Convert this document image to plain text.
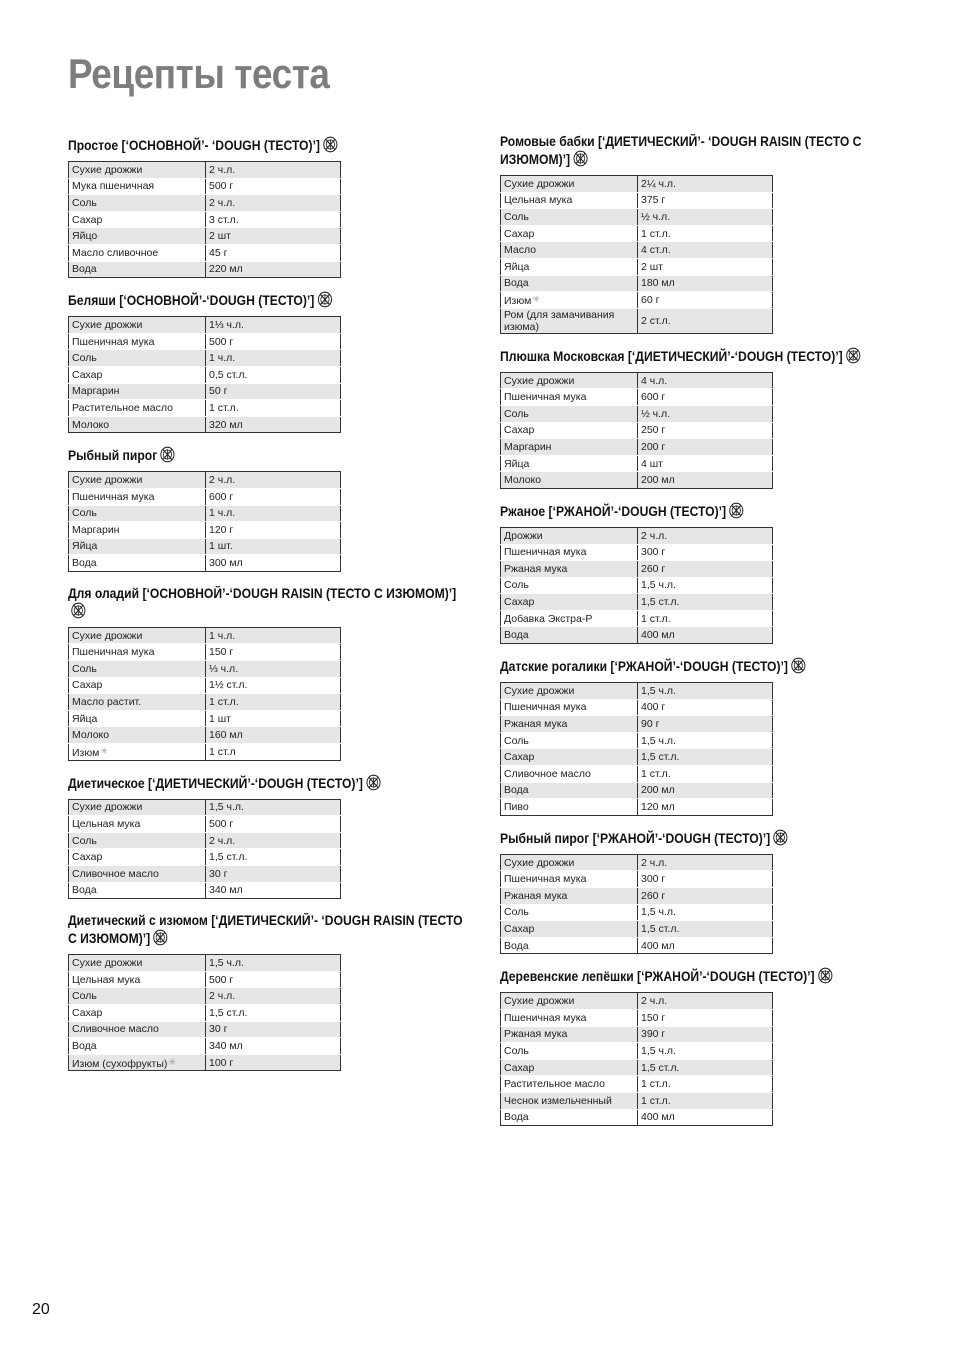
Рецепты теста
Простое [‘ОСНОВНОЙ’- ‘DOUGH (ТЕСТО)’]
Сухие дрожжи	2 ч.л.
Мука пшеничная	500 г
Соль	2 ч.л.
Сахар	3 ст.л.
Яйцо	2 шт
Масло сливочное	45 г
Вода	220 мл
Беляши [‘ОСНОВНОЙ’-‘DOUGH (ТЕСТО)’]
Сухие дрожжи	1⅓ ч.л.
Пшеничная мука	500 г
Соль	1 ч.л.
Сахар	0,5 ст.л.
Маргарин	50 г
Растительное масло	1 ст.л.
Молоко	320 мл
Рыбный пирог
Сухие дрожжи	2 ч.л.
Пшеничная мука	600 г
Соль	1 ч.л.
Маргарин	120 г
Яйца	1 шт.
Вода	300 мл
Для оладий [‘ОСНОВНОЙ’-‘DOUGH RAISIN (ТЕСТО С ИЗЮМОМ)’]
Сухие дрожжи	1 ч.л.
Пшеничная мука	150 г
Соль	⅓ ч.л.
Сахар	1½ ст.л.
Масло растит.	1 ст.л.
Яйца	1 шт
Молоко	160 мл
Изюм✳	1 ст.л
Диетическое [‘ДИЕТИЧЕСКИЙ’-‘DOUGH (ТЕСТО)’]
Сухие дрожжи	1,5 ч.л.
Цельная мука	500 г
Соль	2 ч.л.
Сахар	1,5 ст.л.
Сливочное масло	30 г
Вода	340 мл
Диетический с изюмом [‘ДИЕТИЧЕСКИЙ’- ‘DOUGH RAISIN (ТЕСТО С ИЗЮМОМ)’]
Сухие дрожжи	1,5 ч.л.
Цельная мука	500 г
Соль	2 ч.л.
Сахар	1,5 ст.л.
Сливочное масло	30 г
Вода	340 мл
Изюм (сухофрукты)✳	100 г
Ромовые бабки [‘ДИЕТИЧЕСКИЙ’- ‘DOUGH RAISIN (ТЕСТО С ИЗЮМОМ)’]
Сухие дрожжи	2¼ ч.л.
Цельная мука	375 г
Соль	½ ч.л.
Сахар	1 ст.л.
Масло	4 ст.л.
Яйца	2 шт
Вода	180 мл
Изюм✳	60 г
Ром (для замачивания изюма)	2 ст.л.
Плюшка Московская [‘ДИЕТИЧЕСКИЙ’-‘DOUGH (ТЕСТО)’]
Сухие дрожжи	4 ч.л.
Пшеничная мука	600 г
Соль	½ ч.л.
Сахар	250 г
Маргарин	200 г
Яйца	4 шт
Молоко	200 мл
Ржаное [‘РЖАНОЙ’-‘DOUGH (ТЕСТО)’]
Дрожжи	2 ч.л.
Пшеничная мука	300 г
Ржаная мука	260 г
Соль	1,5 ч.л.
Сахар	1,5 ст.л.
Добавка Экстра-Р	1 ст.л.
Вода	400 мл
Датские рогалики [‘РЖАНОЙ’-‘DOUGH (ТЕСТО)’]
Сухие дрожжи	1,5 ч.л.
Пшеничная мука	400 г
Ржаная мука	90 г
Соль	1,5 ч.л.
Сахар	1,5 ст.л.
Сливочное масло	1 ст.л.
Вода	200 мл
Пиво	120 мл
Рыбный пирог [‘РЖАНОЙ’-‘DOUGH (ТЕСТО)’]
Сухие дрожжи	2 ч.л.
Пшеничная мука	300 г
Ржаная мука	260 г
Соль	1,5 ч.л.
Сахар	1,5 ст.л.
Вода	400 мл
Деревенские лепёшки [‘РЖАНОЙ’-‘DOUGH (ТЕСТО)’]
Сухие дрожжи	2 ч.л.
Пшеничная мука	150 г
Ржаная мука	390 г
Соль	1,5 ч.л.
Сахар	1,5 ст.л.
Растительное масло	1 ст.л.
Чеснок измельченный	1 ст.л.
Вода	400 мл
20
